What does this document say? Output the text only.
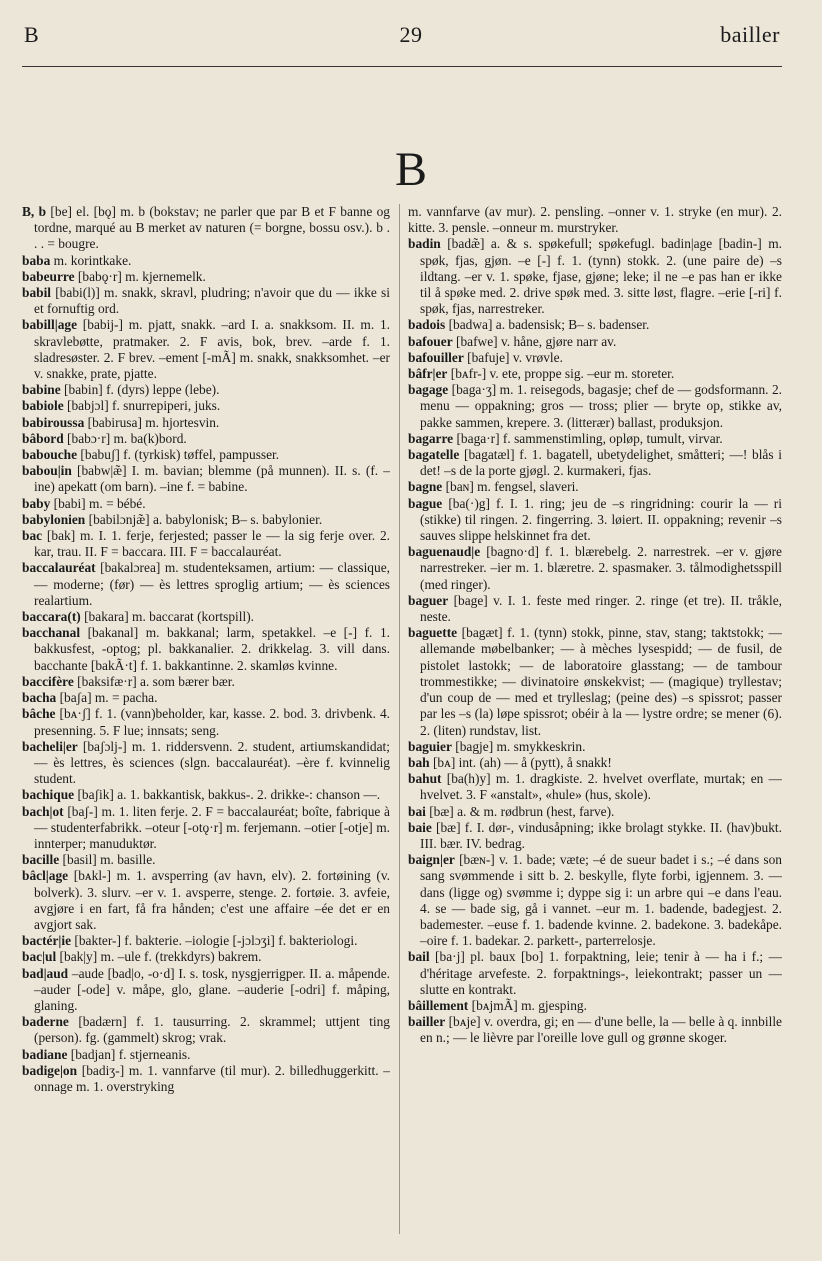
B	29	bailler
B

B, b [be] el. [bǫ] m. b (bokstav; ne parler que par B et F banne og tordne, marqué au B merket av naturen (= borgne, bossu osv.). b . . . = bougre.

baba m. korintkake.

babeurre [babǫ·r] m. kjernemelk.

babil [babi(l)] m. snakk, skravl, pludring; n'avoir que du — ikke si et fornuftig ord.

babill|age [babij-] m. pjatt, snakk. –ard I. a. snakksom. II. m. 1. skravlebøtte, pratmaker. 2. F avis, bok, brev. –arde f. 1. sladresøster. 2. F brev. –ement [-mÃ] m. snakk, snakksomhet. –er v. snakke, prate, pjatte.

babine [babin] f. (dyrs) leppe (lebe).

babiole [babjɔl] f. snurrepiperi, juks.

babiroussa [babirusa] m. hjortesvin.

bâbord [babɔ·r] m. ba(k)bord.

babouche [babuʃ] f. (tyrkisk) tøffel, pampusser.

babou|in [babw|æ̃] I. m. bavian; blemme (på munnen). II. s. (f. –ine) apekatt (om barn). –ine f. = babine.

baby [babi] m. = bébé.

babylonien [babilɔnjæ̃] a. babylonisk; B– s. babylonier.

bac [bak] m. I. 1. ferje, ferjested; passer le — la sig ferje over. 2. kar, trau. II. F = baccara. III. F = baccalauréat.

baccalauréat [bakalɔrea] m. studenteksamen, artium: — classique, — moderne; (før) — ès lettres sproglig artium; — ès sciences realartium.

baccara(t) [bakara] m. baccarat (kortspill).

bacchanal [bakanal] m. bakkanal; larm, spetakkel. –e [-] f. 1. bakkusfest, -optog; pl. bakkanalier. 2. drikkelag. 3. vill dans. bacchante [bakÃ·t] f. 1. bakkantinne. 2. skamløs kvinne.

baccifère [baksifæ·r] a. som bærer bær.

bacha [baʃa] m. = pacha.

bâche [bᴀ·ʃ] f. 1. (vann)beholder, kar, kasse. 2. bod. 3. drivbenk. 4. presenning. 5. F lue; innsats; seng.

bacheli|er [baʃɔlj-] m. 1. riddersvenn. 2. student, artiumskandidat; — ès lettres, ès sciences (slgn. baccalauréat). –ère f. kvinnelig student.

bachique [baʃik] a. 1. bakkantisk, bakkus-. 2. drikke-: chanson —.

bach|ot [baʃ-] m. 1. liten ferje. 2. F = baccalauréat; boîte, fabrique à — studenterfabrikk. –oteur [-otǫ·r] m. ferjemann. –otier [-otje] m. innterper; manuduktør.

bacille [basil] m. basille.

bâcl|age [bᴀkl-] m. 1. avsperring (av havn, elv). 2. fortøining (v. bolverk). 3. slurv. –er v. 1. avsperre, stenge. 2. fortøie. 3. avfeie, avgjøre i en fart, få fra hånden; c'est une affaire –ée det er en avgjort sak.

bactér|ie [bakter-] f. bakterie. –iologie [-jɔlɔʒi] f. bakteriologi.

bac|ul [bak|y] m. –ule f. (trekkdyrs) bakrem.

bad|aud –aude [bad|o, -o·d] I. s. tosk, nysgjerrigper. II. a. måpende. –auder [-ode] v. måpe, glo, glane. –auderie [-odri] f. måping, glaning.

baderne [badærn] f. 1. tausurring. 2. skrammel; uttjent ting (person). fg. (gammelt) skrog; vrak.

badiane [badjan] f. stjerneanis.

badigе|on [badiʒ-] m. 1. vannfarve (til mur). 2. billedhuggerkitt. –onnage m. 1. overstryking

m. vannfarve (av mur). 2. pensling. –onner v. 1. stryke (en mur). 2. kitte. 3. pensle. –onneur m. murstryker.

badin [badæ̃] a. & s. spøkefull; spøkefugl. badin|age [badin-] m. spøk, fjas, gjøn. –e [-] f. 1. (tynn) stokk. 2. (une paire de) –s ildtang. –er v. 1. spøke, fjase, gjøne; leke; il ne –e pas han er ikke til å spøke med. 2. drive spøk med. 3. sitte løst, flagre. –erie [-ri] f. spøk, fjas, narrestreker.

badois [badwa] a. badensisk; B– s. badenser.

bafouer [bafwe] v. håne, gjøre narr av.

bafouiller [bafuje] v. vrøvle.

bâfr|er [bᴀfr-] v. ete, proppe sig. –eur m. storeter.

bagage [baga·ʒ] m. 1. reisegods, bagasje; chef de — godsformann. 2. menu — oppakning; gros — tross; plier — bryte op, stikke av, pakke sammen, krepere. 3. (litterær) ballast, produksjon.

bagarre [baga·r] f. sammenstimling, opløp, tumult, virvar.

bagatelle [bagatæl] f. 1. bagatell, ubetydelighet, småtteri; —! blås i det! –s de la porte gjøgl. 2. kurmakeri, fjas.

bagne [baɴ] m. fengsel, slaveri.

bague [ba(·)g] f. I. 1. ring; jeu de –s ringridning: courir la — ri (stikke) til ringen. 2. fingerring. 3. løiert. II. oppakning; revenir –s sauves slippe helskinnet fra det.

baguenaud|e [bagno·d] f. 1. blærebelg. 2. narrestrek. –er v. gjøre narrestreker. –ier m. 1. blæretre. 2. spasmaker. 3. tålmodighetsspill (med ringer).

baguer [bage] v. I. 1. feste med ringer. 2. ringe (et tre). II. tråkle, neste.

baguette [bagæt] f. 1. (tynn) stokk, pinne, stav, stang; taktstokk; — allemande møbelbanker; — à mèches lysespidd; — de fusil, de pistolet lastokk; — de laboratoire glasstang; — de tambour trommestikke; — divinatoire ønskekvist; — (magique) tryllestav; d'un coup de — med et trylleslag; (peine des) –s spissrot; passer par les –s (la) løpe spissrot; obéir à la — lystre ordre; se mener (6). 2. (liten) rundstav, list.

baguier [bagje] m. smykkeskrin.

bah [bᴀ] int. (ah) — å (pytt), å snakk!

bahut [ba(h)y] m. 1. dragkiste. 2. hvelvet overflate, murtak; en — hvelvet. 3. F «anstalt», «hule» (hus, skole).

bai [bæ] a. & m. rødbrun (hest, farve).

baie [bæ] f. I. dør-, vindusåpning; ikke brolagt stykke. II. (hav)bukt. III. bær. IV. bedrag.

baign|er [bæɴ-] v. 1. bade; væte; –é de sueur badet i s.; –é dans son sang svømmende i sitt b. 2. beskylle, flyte forbi, igjennem. 3. — dans (ligge og) svømme i; dyppe sig i: un arbre qui –e dans l'eau. 4. se — bade sig, gå i vannet. –eur m. 1. badende, badegjest. 2. bademester. –euse f. 1. badende kvinne. 2. badekone. 3. badekåpe. –oire f. 1. badekar. 2. parkett-, parterrelosje.

bail [ba·j] pl. baux [bo] 1. forpaktning, leie; tenir à — ha i f.; — d'héritage arvefeste. 2. forpaktnings-, leiekontrakt; passer un — slutte en kontrakt.

bâillement [bᴀjmÃ] m. gjesping.

bailler [bᴀje] v. overdra, gi; en — d'une belle, la — belle à q. innbille en n.; — le lièvre par l'oreille love gull og grønne skoger.
